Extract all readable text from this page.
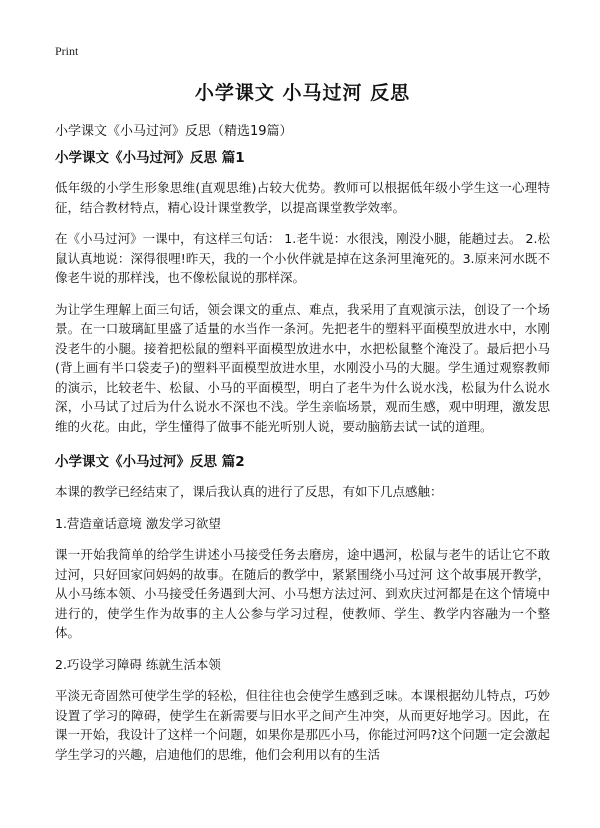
Print
小学课文 小马过河 反思
小学课文《小马过河》反思（精选19篇）
小学课文《小马过河》反思 篇1

低年级的小学生形象思维(直观思维)占较大优势。教师可以根据低年级小学生这一心理特征，结合教材特点，精心设计课堂教学，以提高课堂教学效率。

在《小马过河》一课中，有这样三句话： 1.老牛说：水很浅，刚没小腿，能趟过去。 2.松鼠认真地说：深得很哩!昨天，我的一个小伙伴就是掉在这条河里淹死的。3.原来河水既不像老牛说的那样浅，也不像松鼠说的那样深。

为让学生理解上面三句话，领会课文的重点、难点，我采用了直观演示法，创设了一个场景。在一口玻璃缸里盛了适量的水当作一条河。先把老牛的塑料平面模型放进水中，水刚没老牛的小腿。接着把松鼠的塑料平面模型放进水中，水把松鼠整个淹没了。最后把小马(背上画有半口袋麦子)的塑料平面模型放进水里，水刚没小马的大腿。学生通过观察教师的演示，比较老牛、松鼠、小马的平面模型，明白了老牛为什么说水浅，松鼠为什么说水深，小马试了过后为什么说水不深也不浅。学生亲临场景，观而生感，观中明理，激发思维的火花。由此，学生懂得了做事不能光听别人说，要动脑筋去试一试的道理。

小学课文《小马过河》反思 篇2

本课的教学已经结束了，课后我认真的进行了反思，有如下几点感触：

1.营造童话意境 激发学习欲望

课一开始我简单的给学生讲述小马接受任务去磨房，途中遇河，松鼠与老牛的话让它不敢过河，只好回家问妈妈的故事。在随后的教学中，紧紧围绕小马过河 这个故事展开教学，从小马练本领、小马接受任务遇到大河、小马想方法过河、到欢庆过河都是在这个情境中进行的，使学生作为故事的主人公参与学习过程，使教师、学生、教学内容融为一个整体。

2.巧设学习障碍 练就生活本领

平淡无奇固然可使学生学的轻松，但往往也会使学生感到乏味。本课根据幼儿特点，巧妙设置了学习的障碍，使学生在新需要与旧水平之间产生冲突，从而更好地学习。因此，在课一开始，我设计了这样一个问题，如果你是那匹小马，你能过河吗?这个问题一定会激起学生学习的兴趣，启迪他们的思维，他们会利用以有的生活
